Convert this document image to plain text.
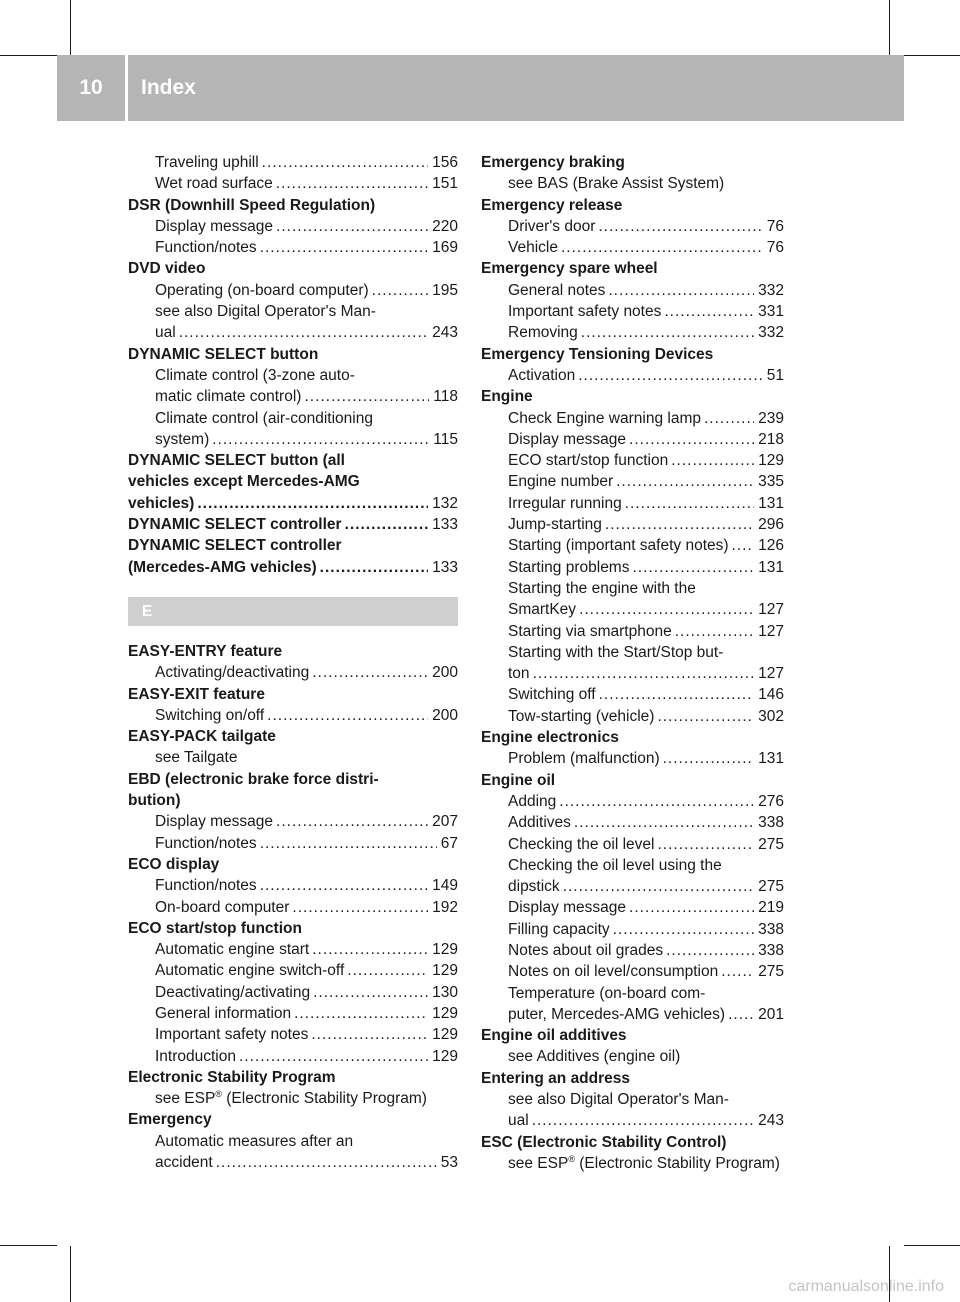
10	Index
Traveling uphill .....	156
Wet road surface .....	151
DSR (Downhill Speed Regulation)
Display message .....	220
Function/notes .....	169
DVD video
Operating (on-board computer) .....	195
see also Digital Operator's Man-
ual .....	243
DYNAMIC SELECT button
Climate control (3-zone auto-
matic climate control) .....	118
Climate control (air-conditioning
system) .....	115
DYNAMIC SELECT button (all
vehicles except Mercedes-AMG
vehicles) .....	132
DYNAMIC SELECT controller .....	133
DYNAMIC SELECT controller
(Mercedes-AMG vehicles) .....	133
E
EASY-ENTRY feature
Activating/deactivating .....	200
EASY-EXIT feature
Switching on/off .....	200
EASY-PACK tailgate
see Tailgate
EBD (electronic brake force distri-
bution)
Display message .....	207
Function/notes .....	67
ECO display
Function/notes .....	149
On-board computer .....	192
ECO start/stop function
Automatic engine start .....	129
Automatic engine switch-off .....	129
Deactivating/activating .....	130
General information .....	129
Important safety notes .....	129
Introduction .....	129
Electronic Stability Program
see ESP® (Electronic Stability Program)
Emergency
Automatic measures after an
accident .....	53
Emergency braking
see BAS (Brake Assist System)
Emergency release
Driver's door .....	76
Vehicle .....	76
Emergency spare wheel
General notes .....	332
Important safety notes .....	331
Removing .....	332
Emergency Tensioning Devices
Activation .....	51
Engine
Check Engine warning lamp .....	239
Display message .....	218
ECO start/stop function .....	129
Engine number .....	335
Irregular running .....	131
Jump-starting .....	296
Starting (important safety notes) ..... 126
Starting problems .....	131
Starting the engine with the
SmartKey .....	127
Starting via smartphone .....	127
Starting with the Start/Stop but-
ton .....	127
Switching off .....	146
Tow-starting (vehicle) .....	302
Engine electronics
Problem (malfunction) .....	131
Engine oil
Adding .....	276
Additives .....	338
Checking the oil level .....	275
Checking the oil level using the
dipstick .....	275
Display message .....	219
Filling capacity .....	338
Notes about oil grades .....	338
Notes on oil level/consumption .....	275
Temperature (on-board com-
puter, Mercedes-AMG vehicles) ..... 201
Engine oil additives
see Additives (engine oil)
Entering an address
see also Digital Operator's Man-
ual .....	243
ESC (Electronic Stability Control)
see ESP® (Electronic Stability Program)
carmanualsonline.info
